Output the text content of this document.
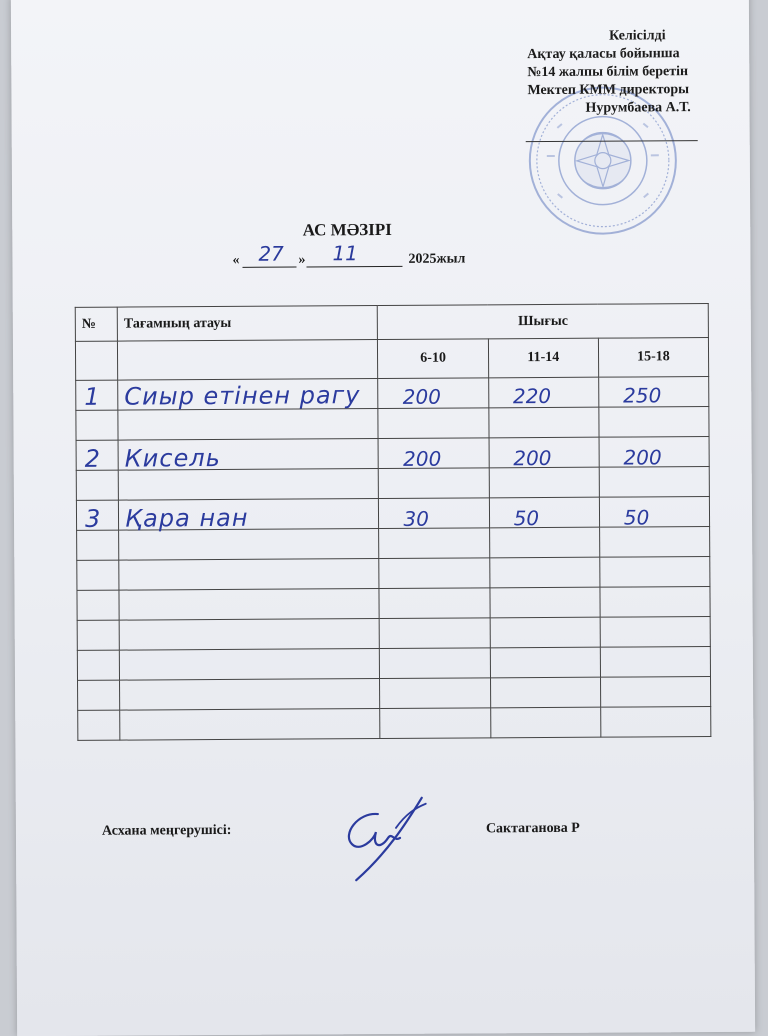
Келісілді
Ақтау қаласы бойынша
№14 жалпы білім беретін
Мектеп КММ директоры
Нурумбаева А.Т.
АС МӘЗІРІ
« 27 » 11	2025жыл
№	Тағамның атауы	Шығыс		
		6-10	11-14	15-18

1	Сиыр етінен рагу	200	220	250

2	Кисель	200	200	200

3	Қара нан	30	50	50

Асхана меңгерушісі:	Сактаганова Р
